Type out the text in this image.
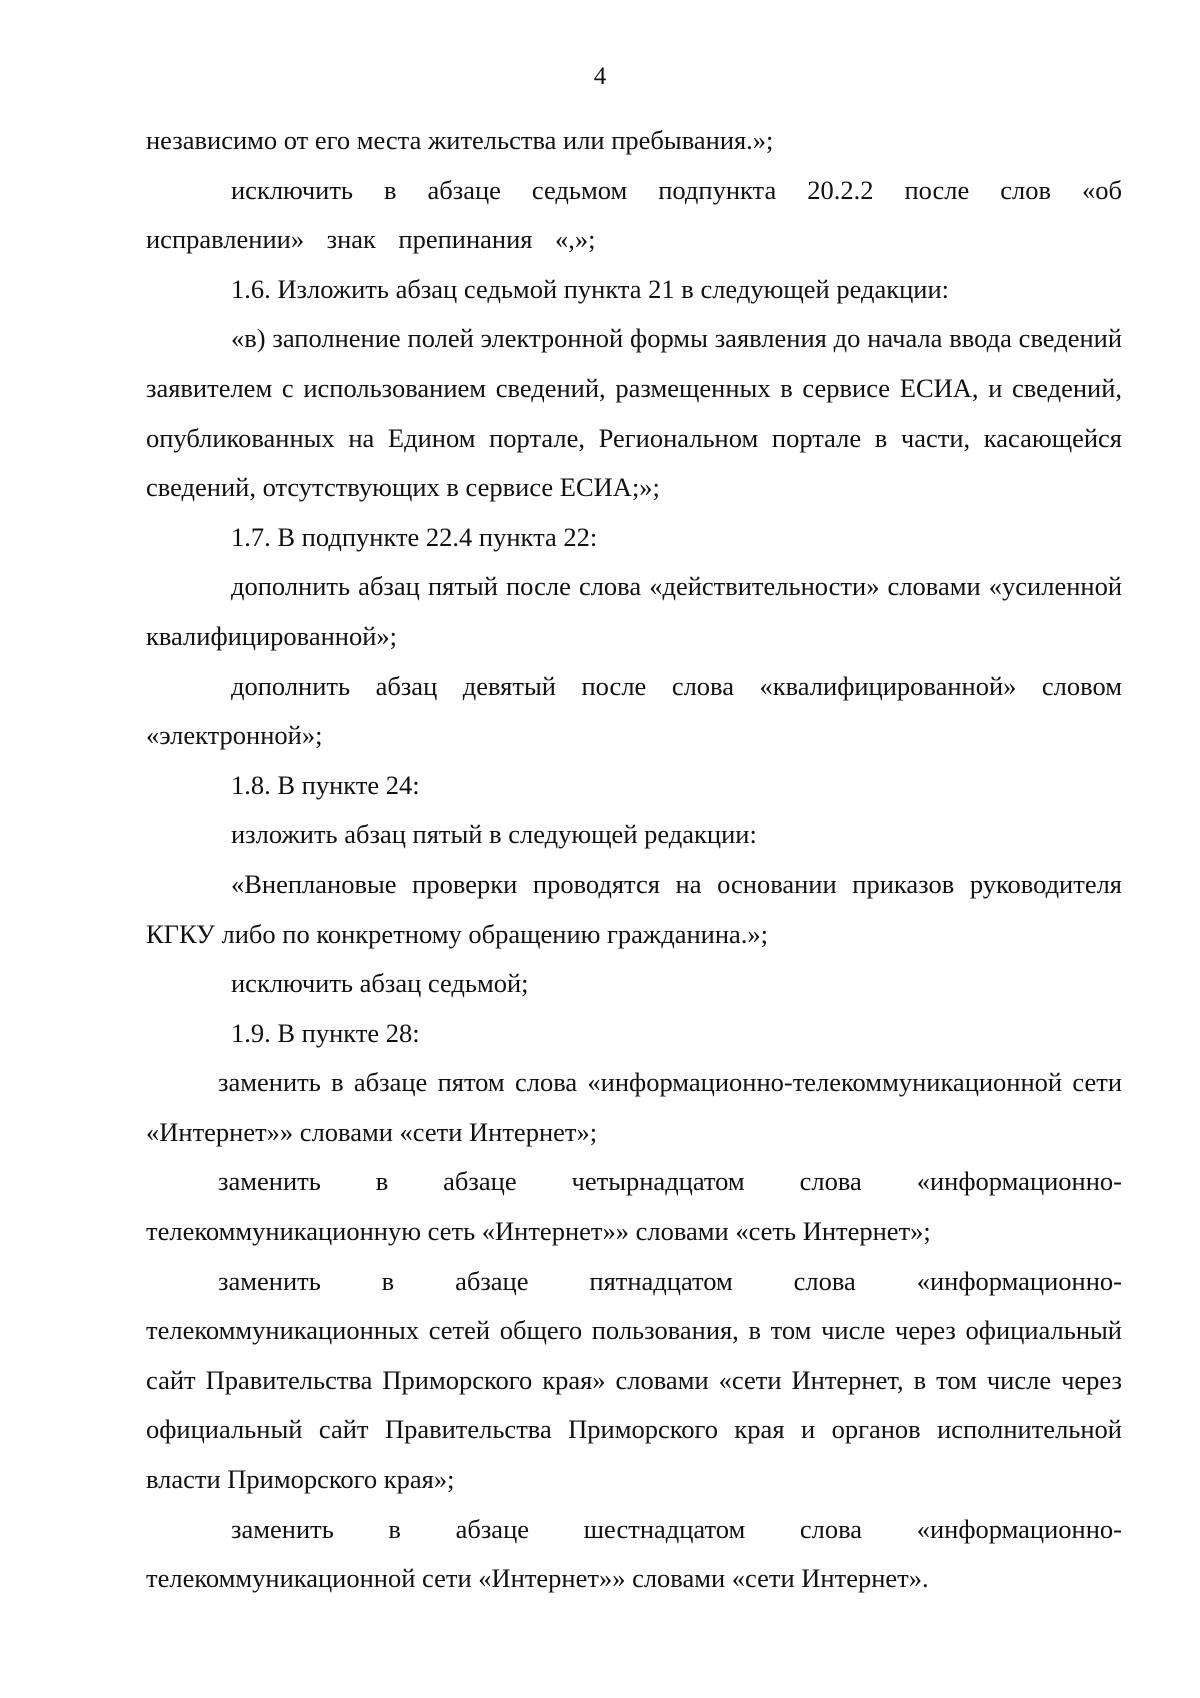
4

независимо от его места жительства или пребывания.»;

исключить в абзаце седьмом подпункта 20.2.2 после слов «об исправлении» знак препинания «,»;

1.6. Изложить абзац седьмой пункта 21 в следующей редакции:

«в) заполнение полей электронной формы заявления до начала ввода сведений заявителем с использованием сведений, размещенных в сервисе ЕСИА, и сведений, опубликованных на Едином портале, Региональном портале в части, касающейся сведений, отсутствующих в сервисе ЕСИА;»;

1.7. В подпункте 22.4 пункта 22:

дополнить абзац пятый после слова «действительности» словами «усиленной квалифицированной»;

дополнить абзац девятый после слова «квалифицированной» словом «электронной»;

1.8. В пункте 24:

изложить абзац пятый в следующей редакции:

«Внеплановые проверки проводятся на основании приказов руководителя КГКУ либо по конкретному обращению гражданина.»;

исключить абзац седьмой;

1.9. В пункте 28:

заменить в абзаце пятом слова «информационно-телекоммуникационной сети «Интернет»» словами «сети Интернет»;

заменить в абзаце четырнадцатом слова «информационно-телекоммуникационную сеть «Интернет»» словами «сеть Интернет»;

заменить в абзаце пятнадцатом слова «информационно-телекоммуникационных сетей общего пользования, в том числе через официальный сайт Правительства Приморского края» словами «сети Интернет, в том числе через официальный сайт Правительства Приморского края и органов исполнительной власти Приморского края»;

заменить в абзаце шестнадцатом слова «информационно-телекоммуникационной сети «Интернет»» словами «сети Интернет».
